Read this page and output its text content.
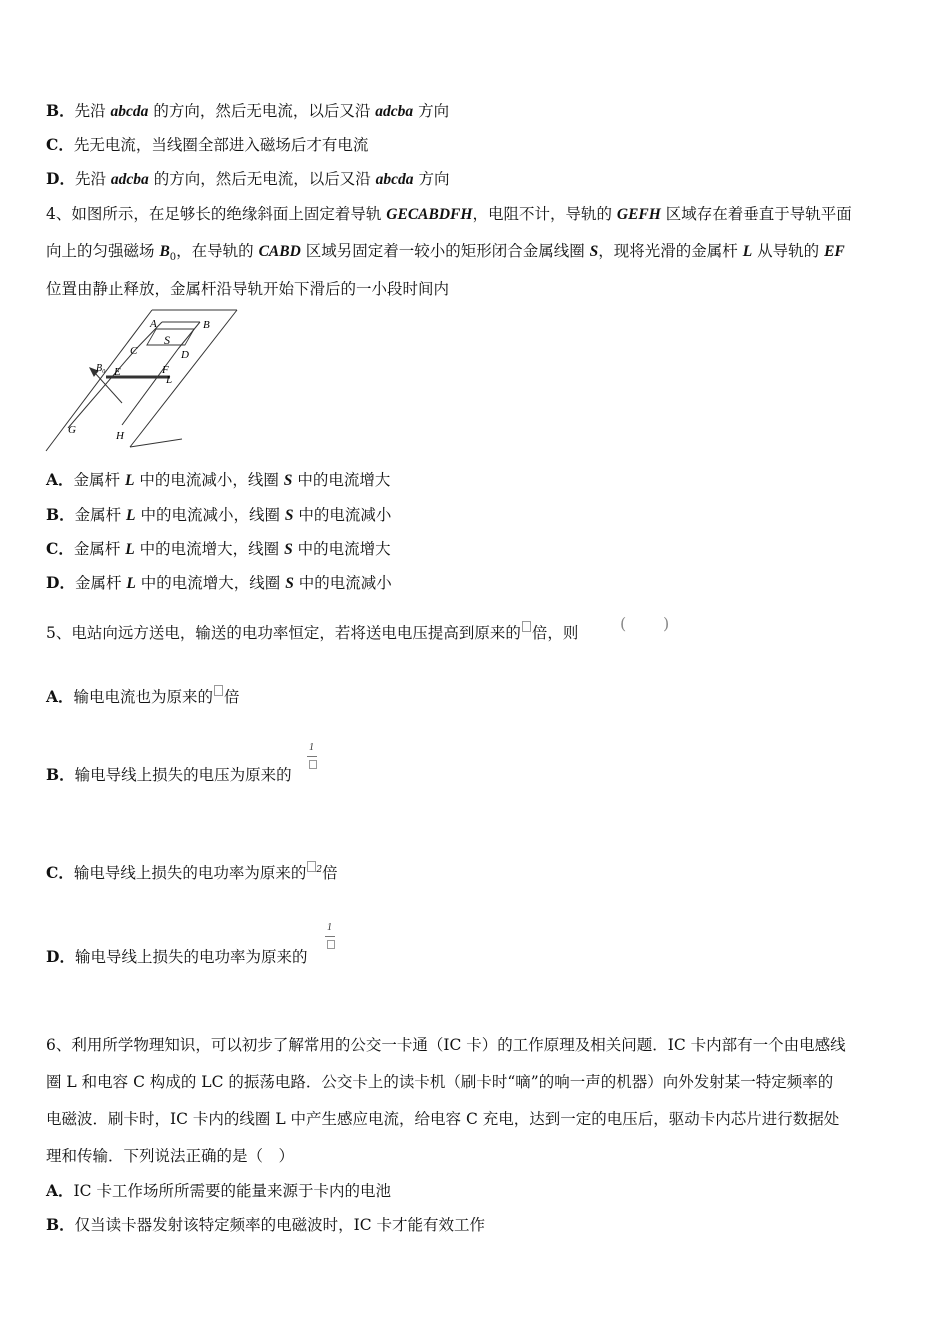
B．先沿 abcda 的方向，然后无电流，以后又沿 adcba 方向
C．先无电流，当线圈全部进入磁场后才有电流
D．先沿 adcba 的方向，然后无电流，以后又沿 abcda 方向
4、如图所示，在足够长的绝缘斜面上固定着导轨 GECABDFH，电阻不计，导轨的 GEFH 区域存在着垂直于导轨平面
向上的匀强磁场 $B_0$，在导轨的 CABD 区域另固定着一较小的矩形闭合金属线圈 S，现将光滑的金属杆 L 从导轨的 EF
位置由静止释放，金属杆沿导轨开始下滑后的一小段时间内
A	B
C	D
S
B₀ E	F
L
G	H
A．金属杆 L 中的电流减小，线圈 S 中的电流增大
B．金属杆 L 中的电流减小，线圈 S 中的电流减小
C．金属杆 L 中的电流增大，线圈 S 中的电流增大
D．金属杆 L 中的电流增大，线圈 S 中的电流减小
5、电站向远方送电，输送的电功率恒定，若将送电电压提高到原来的 倍，则	( )
A．输电电流也为原来的 倍
B．输电导线上损失的电压为原来的
1
C．输电导线上损失的电功率为原来的 $^2$倍
D．输电导线上损失的电功率为原来的
1
6、利用所学物理知识，可以初步了解常用的公交一卡通（IC 卡）的工作原理及相关问题．IC 卡内部有一个由电感线
圈 L 和电容 C 构成的 LC 的振荡电路．公交卡上的读卡机（刷卡时“嘀”的响一声的机器）向外发射某一特定频率的
电磁波．刷卡时，IC 卡内的线圈 L 中产生感应电流，给电容 C 充电，达到一定的电压后，驱动卡内芯片进行数据处
理和传输．下列说法正确的是（　）
A．IC 卡工作场所所需要的能量来源于卡内的电池
B．仅当读卡器发射该特定频率的电磁波时，IC 卡才能有效工作
